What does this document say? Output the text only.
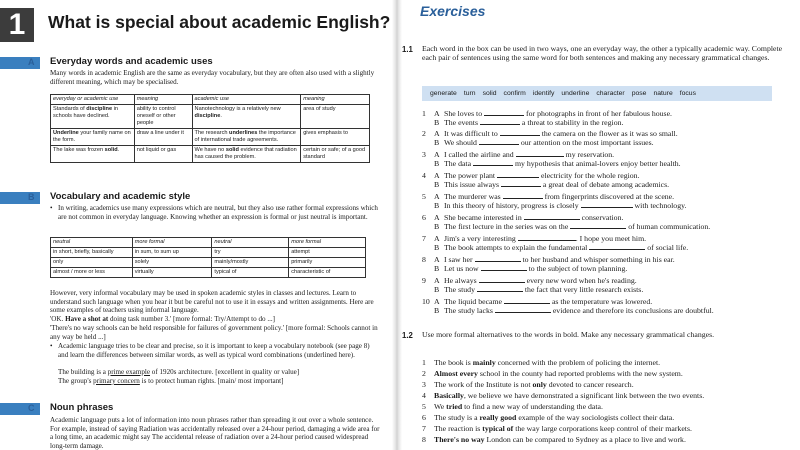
1 What is special about academic English?
A Everyday words and academic uses
Many words in academic English are the same as everyday vocabulary, but they are often also used with a slightly different meaning, which may be specialised.
everyday or academic use	meaning	academic use	meaning
Standards of discipline in schools have declined.	ability to control oneself or other people	Nanotechnology is a relatively new discipline.	area of study
Underline your family name on the form.	draw a line under it	The research underlines the importance of international trade agreements.	gives emphasis to
The lake was frozen solid.	not liquid or gas	We have no solid evidence that radiation has caused the problem.	certain or safe; of a good standard
B Vocabulary and academic style
• In writing, academics use many expressions which are neutral, but they also use rather formal expressions which are not common in everyday language. Knowing whether an expression is formal or just neutral is important.
neutral	more formal	neutral	more formal
in short, briefly, basically	in sum, to sum up	try	attempt
only	solely	mainly/mostly	primarily
almost / more or less	virtually	typical of	characteristic of
However, very informal vocabulary may be used in spoken academic styles in classes and lectures. Learn to understand such language when you hear it but be careful not to use it in essays and written assignments. Here are some examples of teachers using informal language.
'OK. Have a shot at doing task number 3.' [more formal: Try/Attempt to do ...]
'There's no way schools can be held responsible for failures of government policy.' [more formal: Schools cannot in any way be held ...]
• Academic language tries to be clear and precise, so it is important to keep a vocabulary notebook (see page 8) and learn the differences between similar words, as well as typical word combinations (underlined here).
The building is a prime example of 1920s architecture. [excellent in quality or value]
The group's primary concern is to protect human rights. [main/ most important]
C Noun phrases
Academic language puts a lot of information into noun phrases rather than spreading it out over a whole sentence. For example, instead of saying Radiation was accidentally released over a 24-hour period, damaging a wide area for a long time, an academic might say The accidental release of radiation over a 24-hour period caused widespread long-term damage.
Exercises
1.1 Each word in the box can be used in two ways, one an everyday way, the other a typically academic way. Complete each pair of sentences using the same word for both sentences and making any necessary grammatical changes.
generate turn solid confirm identify underline character pose nature focus
1 A She loves to	for photographs in front of her fabulous house.
B The events	a threat to stability in the region.
2 A It was difficult to	the camera on the flower as it was so small.
B We should	our attention on the most important issues.
3 A I called the airline and	my reservation.
B The data	my hypothesis that animal-lovers enjoy better health.
4 A The power plant	electricity for the whole region.
B This issue always	a great deal of debate among academics.
5 A The murderer was	from fingerprints discovered at the scene.
B In this theory of history, progress is closely	with technology.
6 A She became interested in	conservation.
B The first lecture in the series was on the	of human communication.
7 A Jim's a very interesting	. I hope you meet him.
B The book attempts to explain the fundamental	of social life.
8 A I saw her	to her husband and whisper something in his ear.
B Let us now	to the subject of town planning.
9 A He always	every new word when he's reading.
B The study	the fact that very little research exists.
10 A The liquid became	as the temperature was lowered.
B The study lacks	evidence and therefore its conclusions are doubtful.
1.2 Use more formal alternatives to the words in bold. Make any necessary grammatical changes.
1 The book is mainly concerned with the problem of policing the internet.
2 Almost every school in the county had reported problems with the new system.
3 The work of the Institute is not only devoted to cancer research.
4 Basically, we believe we have demonstrated a significant link between the two events.
5 We tried to find a new way of understanding the data.
6 The study is a really good example of the way sociologists collect their data.
7 The reaction is typical of the way large corporations keep control of their markets.
8 There's no way London can be compared to Sydney as a place to live and work.
